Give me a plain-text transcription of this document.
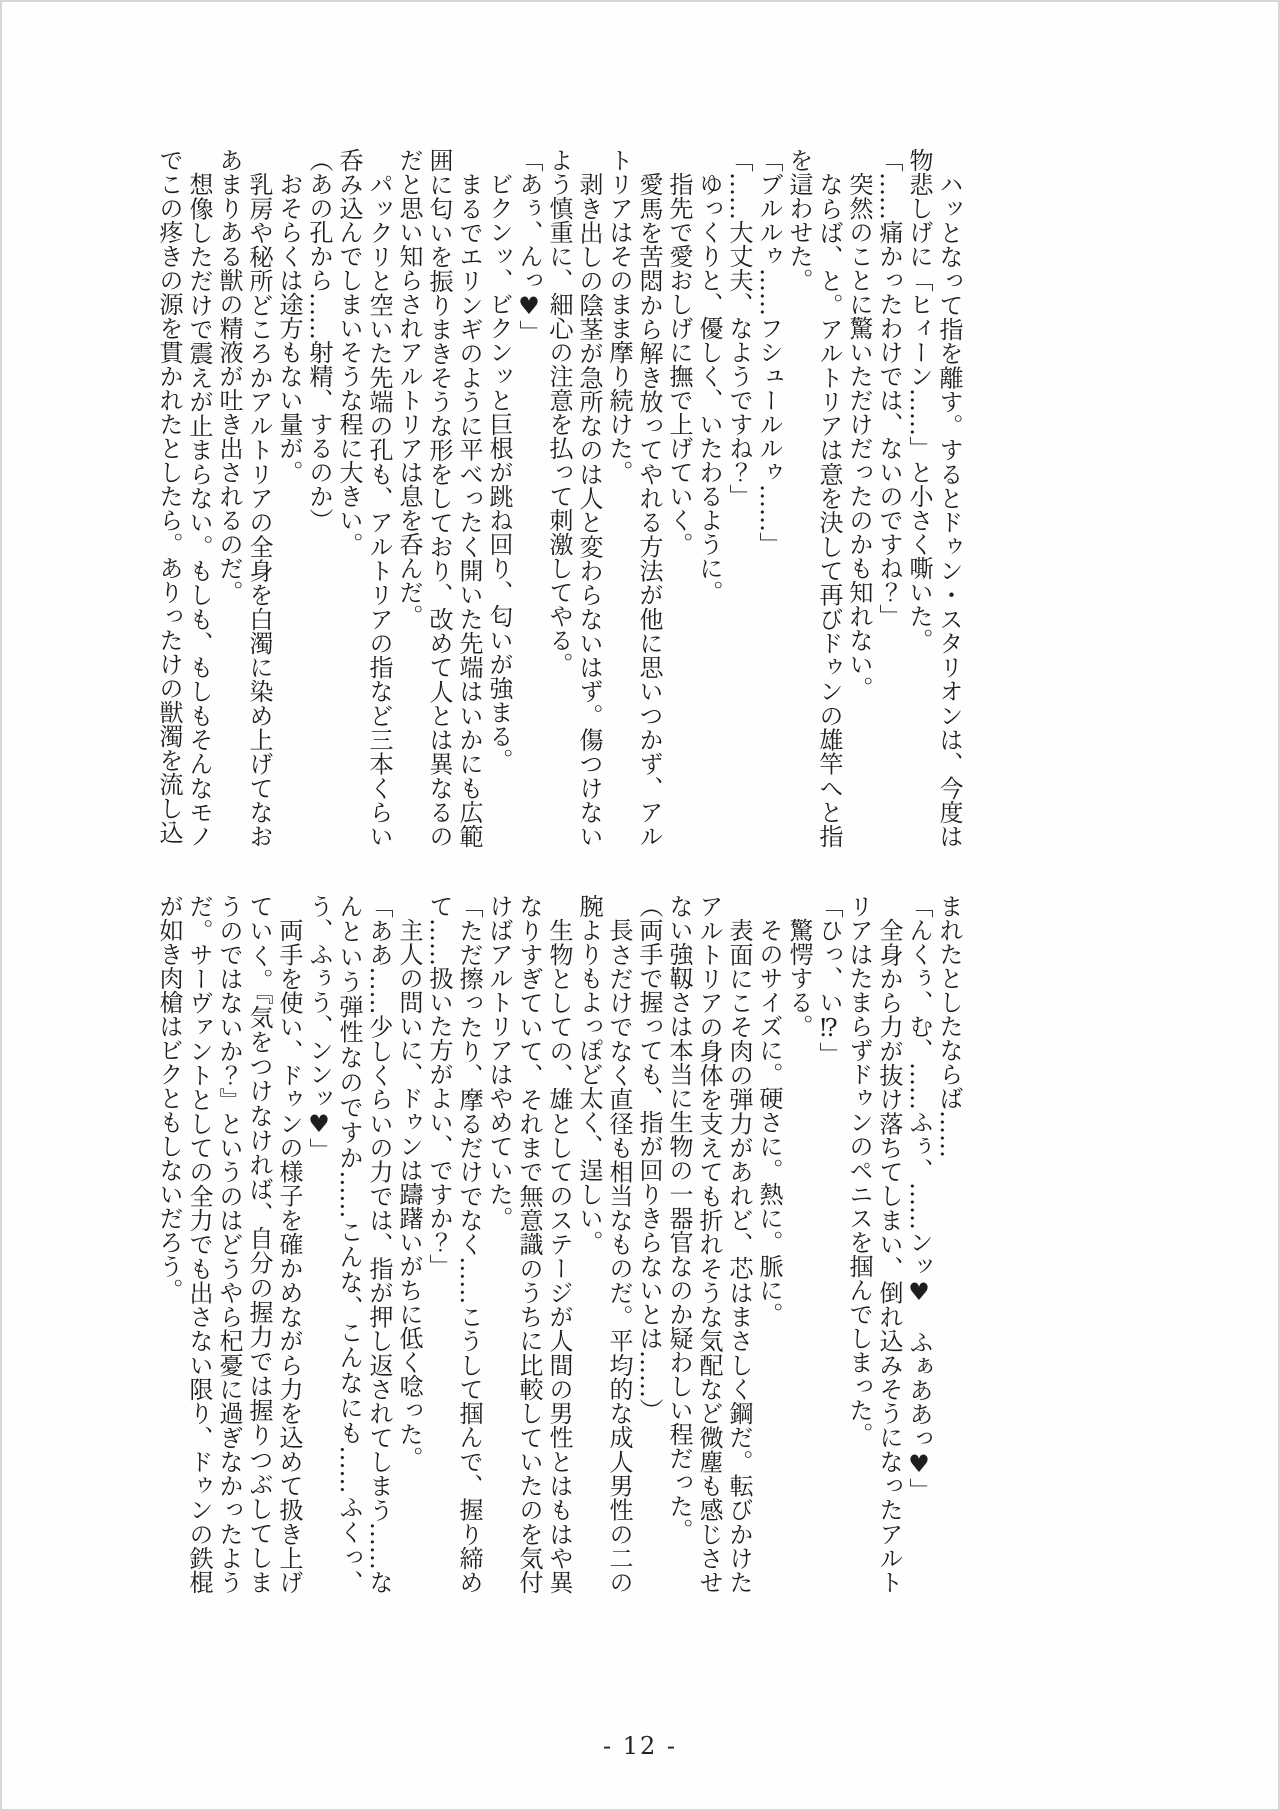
ハッとなって指を離す。するとドゥン・スタリオンは、今度は物悲しげに「ヒィーン……」と小さく嘶いた。

「……痛かったわけでは、ないのですね？」

突然のことに驚いただけだったのかも知れない。

ならば、と。アルトリアは意を決して再びドゥンの雄竿へと指を這わせた。

「ブルルゥ……フシュールルゥ……」

「……大丈夫、なようですね？」

ゆっくりと、優しく、いたわるように。

指先で愛おしげに撫で上げていく。

愛馬を苦悶から解き放ってやれる方法が他に思いつかず、アルトリアはそのまま摩り続けた。

剥き出しの陰茎が急所なのは人と変わらないはず。傷つけないよう慎重に、細心の注意を払って刺激してやる。

「あぅ、んっ♥」

ビクンッ、ビクンッと巨根が跳ね回り、匂いが強まる。

まるでエリンギのように平べったく開いた先端はいかにも広範囲に匂いを振りまきそうな形をしており、改めて人とは異なるのだと思い知らされアルトリアは息を呑んだ。

パックリと空いた先端の孔も、アルトリアの指など三本くらい呑み込んでしまいそうな程に大きい。

（あの孔から……射精、するのか）

おそらくは途方もない量が。

乳房や秘所どころかアルトリアの全身を白濁に染め上げてなおあまりある獣の精液が吐き出されるのだ。

想像しただけで震えが止まらない。もしも、もしもそんなモノでこの疼きの源を貫かれたとしたら。ありったけの獣濁を流し込

まれたとしたならば……

「んくぅ、む、……ふぅ、……ンッ♥　ふぁああっ♥」

全身から力が抜け落ちてしまい、倒れ込みそうになったアルトリアはたまらずドゥンのペニスを掴んでしまった。

「ひっ、い⁉」

驚愕する。

そのサイズに。硬さに。熱に。脈に。

表面にこそ肉の弾力があれど、芯はまさしく鋼だ。転びかけたアルトリアの身体を支えても折れそうな気配など微塵も感じさせない強靱さは本当に生物の一器官なのか疑わしい程だった。

（両手で握っても、指が回りきらないとは……）

長さだけでなく直径も相当なものだ。平均的な成人男性の二の腕よりもよっぽど太く、逞しい。

生物としての、雄としてのステージが人間の男性とはもはや異なりすぎていて、それまで無意識のうちに比較していたのを気付けばアルトリアはやめていた。

「ただ擦ったり、摩るだけでなく……こうして掴んで、握り締めて……扱いた方がよい、ですか？」

主人の問いに、ドゥンは躊躇いがちに低く唸った。

「ああ……少しくらいの力では、指が押し返されてしまう……なんという弾性なのですか……こんな、こんなにも……ふくっ、う、ふぅう、ンンッ♥」

両手を使い、ドゥンの様子を確かめながら力を込めて扱き上げていく。『気をつけなければ、自分の握力では握りつぶしてしまうのではないか？』というのはどうやら杞憂に過ぎなかったようだ。サーヴァントとしての全力でも出さない限り、ドゥンの鉄棍が如き肉槍はビクともしないだろう。

- 12 -
